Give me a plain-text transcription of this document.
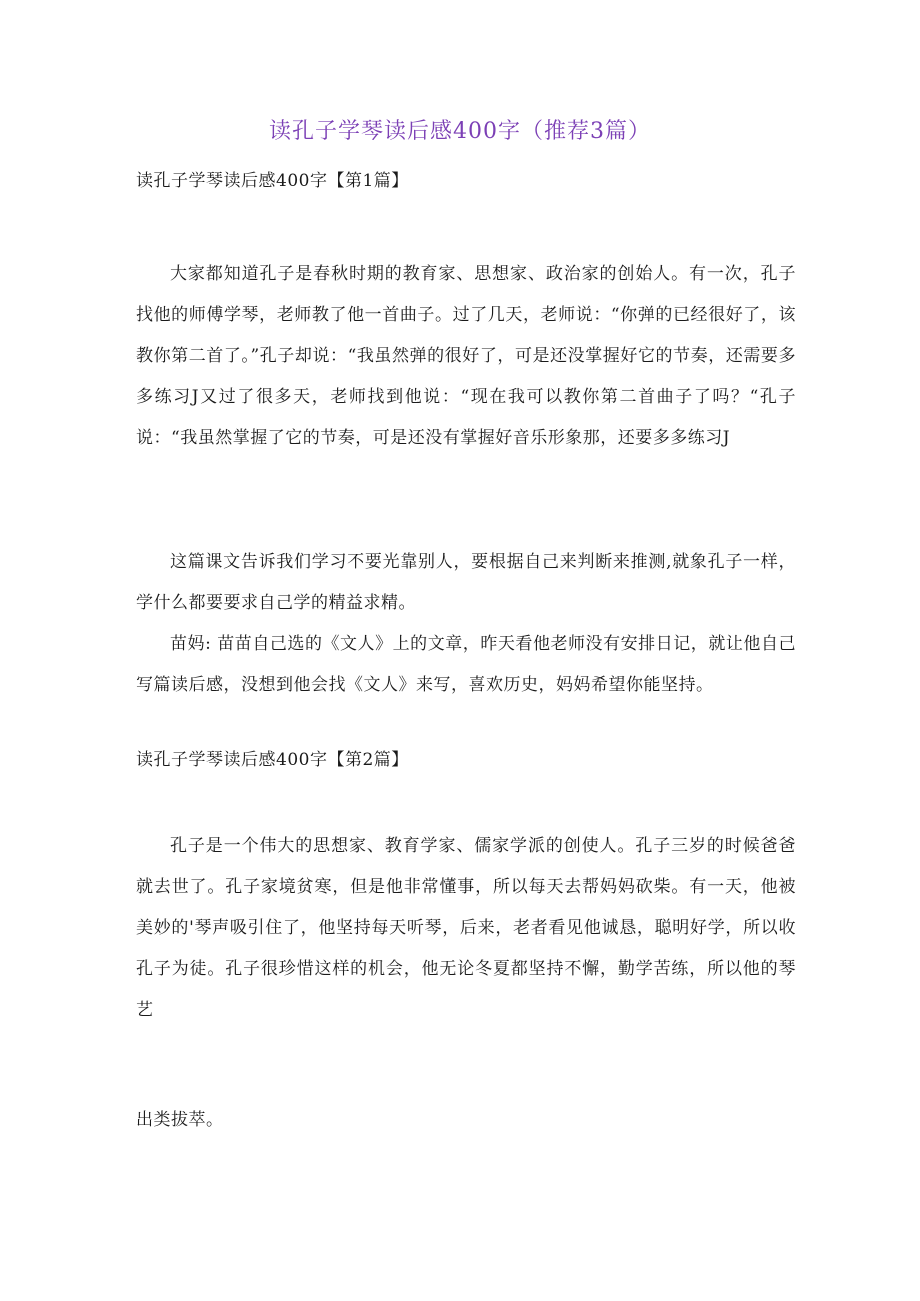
读孔子学琴读后感400字（推荐3篇）
读孔子学琴读后感400字【第1篇】

大家都知道孔子是春秋时期的教育家、思想家、政治家的创始人。有一次，孔子找他的师傅学琴，老师教了他一首曲子。过了几天，老师说：“你弹的已经很好了，该教你第二首了。”孔子却说：“我虽然弹的很好了，可是还没掌握好它的节奏，还需要多多练习J又过了很多天，老师找到他说：“现在我可以教你第二首曲子了吗？“孔子说：“我虽然掌握了它的节奏，可是还没有掌握好音乐形象那，还要多多练习J

这篇课文告诉我们学习不要光靠别人，要根据自己来判断来推测,就象孔子一样，学什么都要要求自己学的精益求精。

苗妈: 苗苗自己选的《文人》上的文章，昨天看他老师没有安排日记，就让他自己写篇读后感，没想到他会找《文人》来写，喜欢历史，妈妈希望你能坚持。

读孔子学琴读后感400字【第2篇】

孔子是一个伟大的思想家、教育学家、儒家学派的创使人。孔子三岁的时候爸爸就去世了。孔子家境贫寒，但是他非常懂事，所以每天去帮妈妈砍柴。有一天，他被美妙的'琴声吸引住了，他坚持每天听琴，后来，老者看见他诚恳，聪明好学，所以收孔子为徒。孔子很珍惜这样的机会，他无论冬夏都坚持不懈，勤学苦练，所以他的琴艺

出类拔萃。
